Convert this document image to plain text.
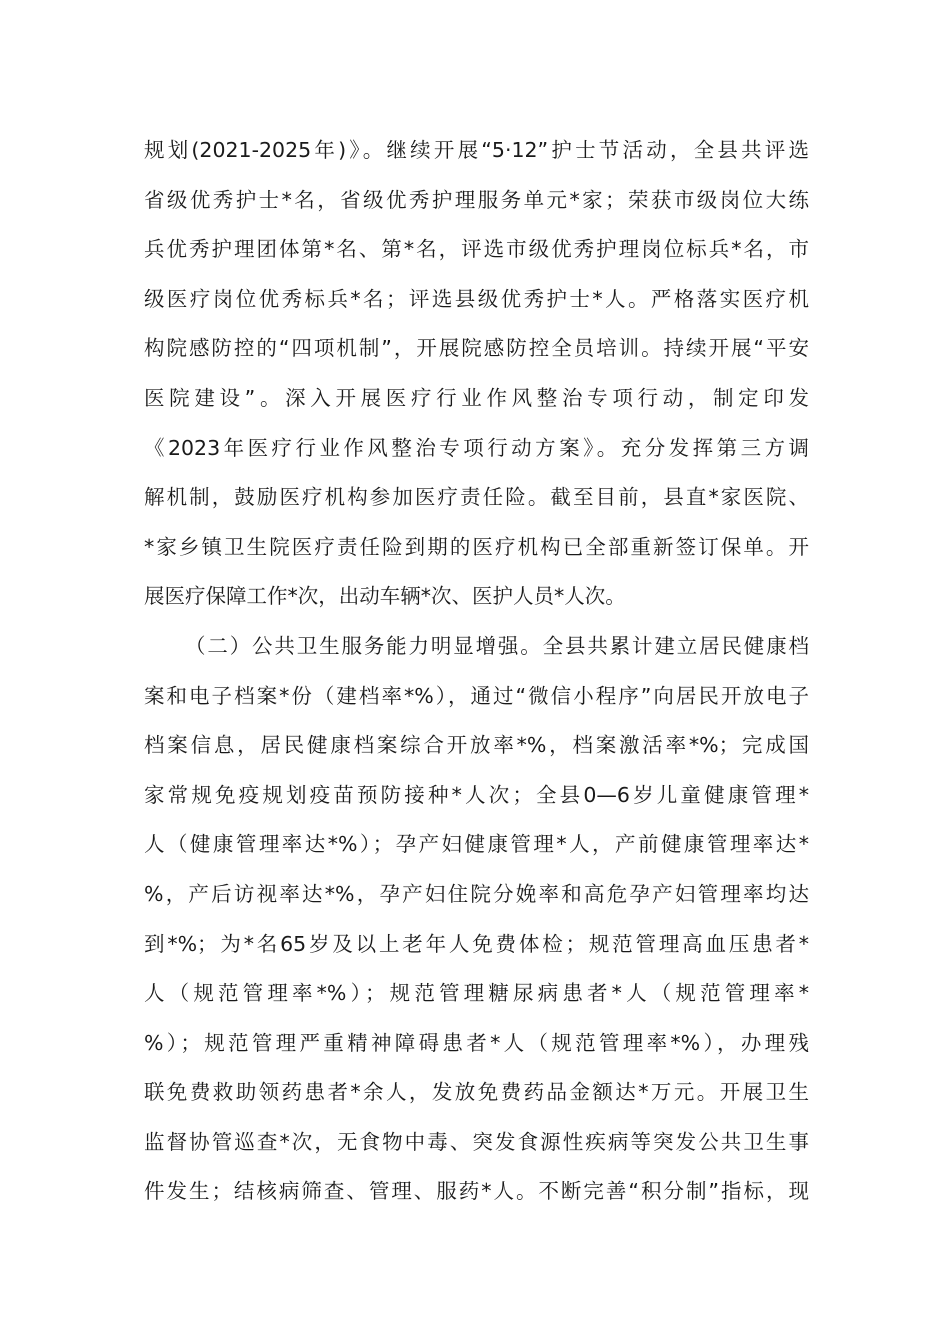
规划(2021-2025年)》。继续开展“5·12”护士节活动，全县共评选
省级优秀护士*名，省级优秀护理服务单元*家；荣获市级岗位大练
兵优秀护理团体第*名、第*名，评选市级优秀护理岗位标兵*名，市
级医疗岗位优秀标兵*名；评选县级优秀护士*人。严格落实医疗机
构院感防控的“四项机制”，开展院感防控全员培训。持续开展“平安
医院建设”。深入开展医疗行业作风整治专项行动，制定印发
《2023年医疗行业作风整治专项行动方案》。充分发挥第三方调
解机制，鼓励医疗机构参加医疗责任险。截至目前，县直*家医院、
*家乡镇卫生院医疗责任险到期的医疗机构已全部重新签订保单。开
展医疗保障工作*次，出动车辆*次、医护人员*人次。
（二）公共卫生服务能力明显增强。全县共累计建立居民健康档
案和电子档案*份（建档率*%），通过“微信小程序”向居民开放电子
档案信息，居民健康档案综合开放率*%，档案激活率*%；完成国
家常规免疫规划疫苗预防接种*人次；全县0—6岁儿童健康管理*
人（健康管理率达*%）；孕产妇健康管理*人，产前健康管理率达*
%，产后访视率达*%，孕产妇住院分娩率和高危孕产妇管理率均达
到*%；为*名65岁及以上老年人免费体检；规范管理高血压患者*
人（规范管理率*%）；规范管理糖尿病患者*人（规范管理率*
%）；规范管理严重精神障碍患者*人（规范管理率*%），办理残
联免费救助领药患者*余人，发放免费药品金额达*万元。开展卫生
监督协管巡查*次，无食物中毒、突发食源性疾病等突发公共卫生事
件发生；结核病筛查、管理、服药*人。不断完善“积分制”指标，现
